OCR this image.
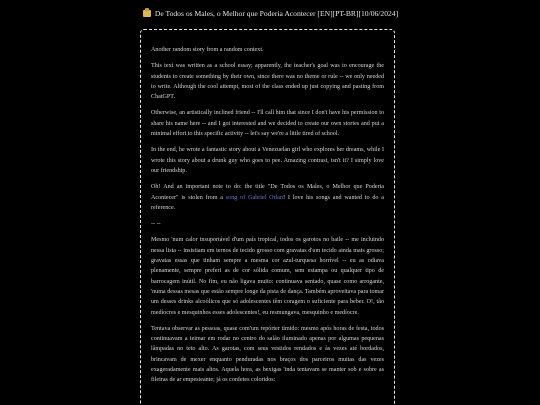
De Todos os Males, o Melhor que Poderia Acontecer [EN][PT-BR][10/06/2024]

Another random story from a random context.

This text was written as a school essay; apparently, the teacher's goal was to encourage the students to create something by their own, since there was no theme or rule -- we only needed to write. Although the cool attempt, most of the class ended up just copying and pasting from ChatGPT.

Otherwise, an artistically inclined friend -- I'll call him that since I don't have his permission to share his name here -- and I got interested and we decided to create our own stories and put a minimal effort to this specific activity -- let's say we're a little tired of school.

In the end, he wrote a fantastic story about a Venezuelan girl who explores her dreams, while I wrote this story about a drunk guy who goes to pee. Amazing contrast, isn't it? I simply love our friendship.

Oh! And an important note to do: the title "De Todos os Males, o Melhor que Poderia Acontecer" is stolen from a song of Gabriel Orlan! I love his songs and wanted to do a reference.

-- --

Mesmo 'num calor insuportável d'um país tropical, todos os garotos no baile -- me incluindo nessa lista -- insistiam em ternos de tecido grosso com gravatas d'um tecido ainda mais grosso; gravatas essas que tinham sempre a mesma cor azul-turquesa horrível -- eu as odiava plenamente, sempre preferi as de cor sólida comum, sem estampa ou qualquer tipo de barrocagem inútil. No fim, eu não ligava muito: continuava sentado, quase como arrogante, 'numa dessas mesas que estão sempre longe da pista de dança. Também aproveitava para tomar um desses drinks alcoólicos que só adolescentes têm coragem o suficiente para beber. O!, tão medíocres e mesquinhos esses adolescentes!, eu resmungava, mesquinho e medíocre.

Tentava observar as pessoas, quase com'um repórter tímido: mesmo após horas de festa, todos continuavam a teimar em rodar no centro do salão iluminado apenas por algumas pequenas lâmpadas no teto alto. As garotas, com seus vestidos rendados e às vezes até bordados, brincavam de mexer enquanto penduradas nos braços dos parceiros muitas das vezes exageradamente mais altos. Aquela hora, as bexigas 'inda tentavam se manter sob e sobre as fileiras de ar empesteante; já os confetes coloridos:
